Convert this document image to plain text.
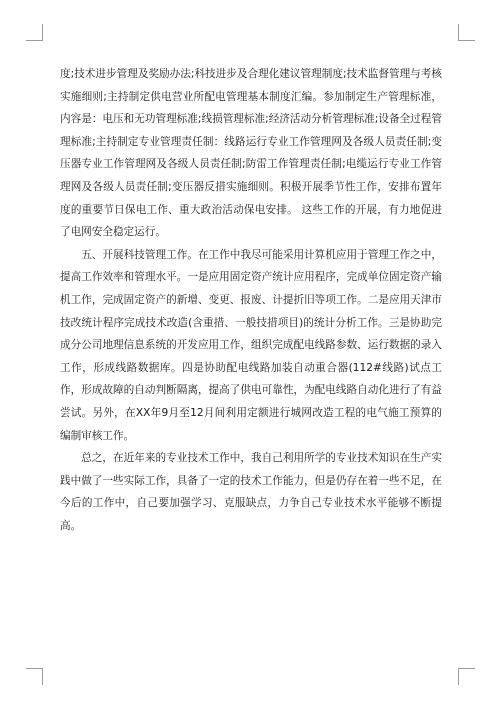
度;技术进步管理及奖励办法;科技进步及合理化建议管理制度;技术监督管理与考核实施细则;主持制定供电营业所配电管理基本制度汇编。参加制定生产管理标准，内容是：电压和无功管理标准;线损管理标准;经济活动分析管理标准;设备全过程管理标准;主持制定专业管理责任制：线路运行专业工作管理网及各级人员责任制;变压器专业工作管理网及各级人员责任制;防雷工作管理责任制;电缆运行专业工作管理网及各级人员责任制;变压器反措实施细则。积极开展季节性工作，安排布置年度的重要节日保电工作、重大政治活动保电安排。 这些工作的开展，有力地促进了电网安全稳定运行。

五、开展科技管理工作。在工作中我尽可能采用计算机应用于管理工作之中，提高工作效率和管理水平。一是应用固定资产统计应用程序，完成单位固定资产输机工作，完成固定资产的新增、变更、报废、计提折旧等项工作。二是应用天津市技改统计程序完成技术改造(含重措、一般技措项目)的统计分析工作。三是协助完成分公司地理信息系统的开发应用工作，组织完成配电线路参数、运行数据的录入工作，形成线路数据库。四是协助配电线路加装自动重合器(112#线路)试点工作，形成故障的自动判断隔离，提高了供电可靠性，为配电线路自动化进行了有益尝试。另外，在XX年9月至12月间利用定额进行城网改造工程的电气施工预算的编制审核工作。

总之，在近年来的专业技术工作中，我自己利用所学的专业技术知识在生产实践中做了一些实际工作，具备了一定的技术工作能力，但是仍存在着一些不足，在今后的工作中，自己要加强学习、克服缺点，力争自己专业技术水平能够不断提高。
